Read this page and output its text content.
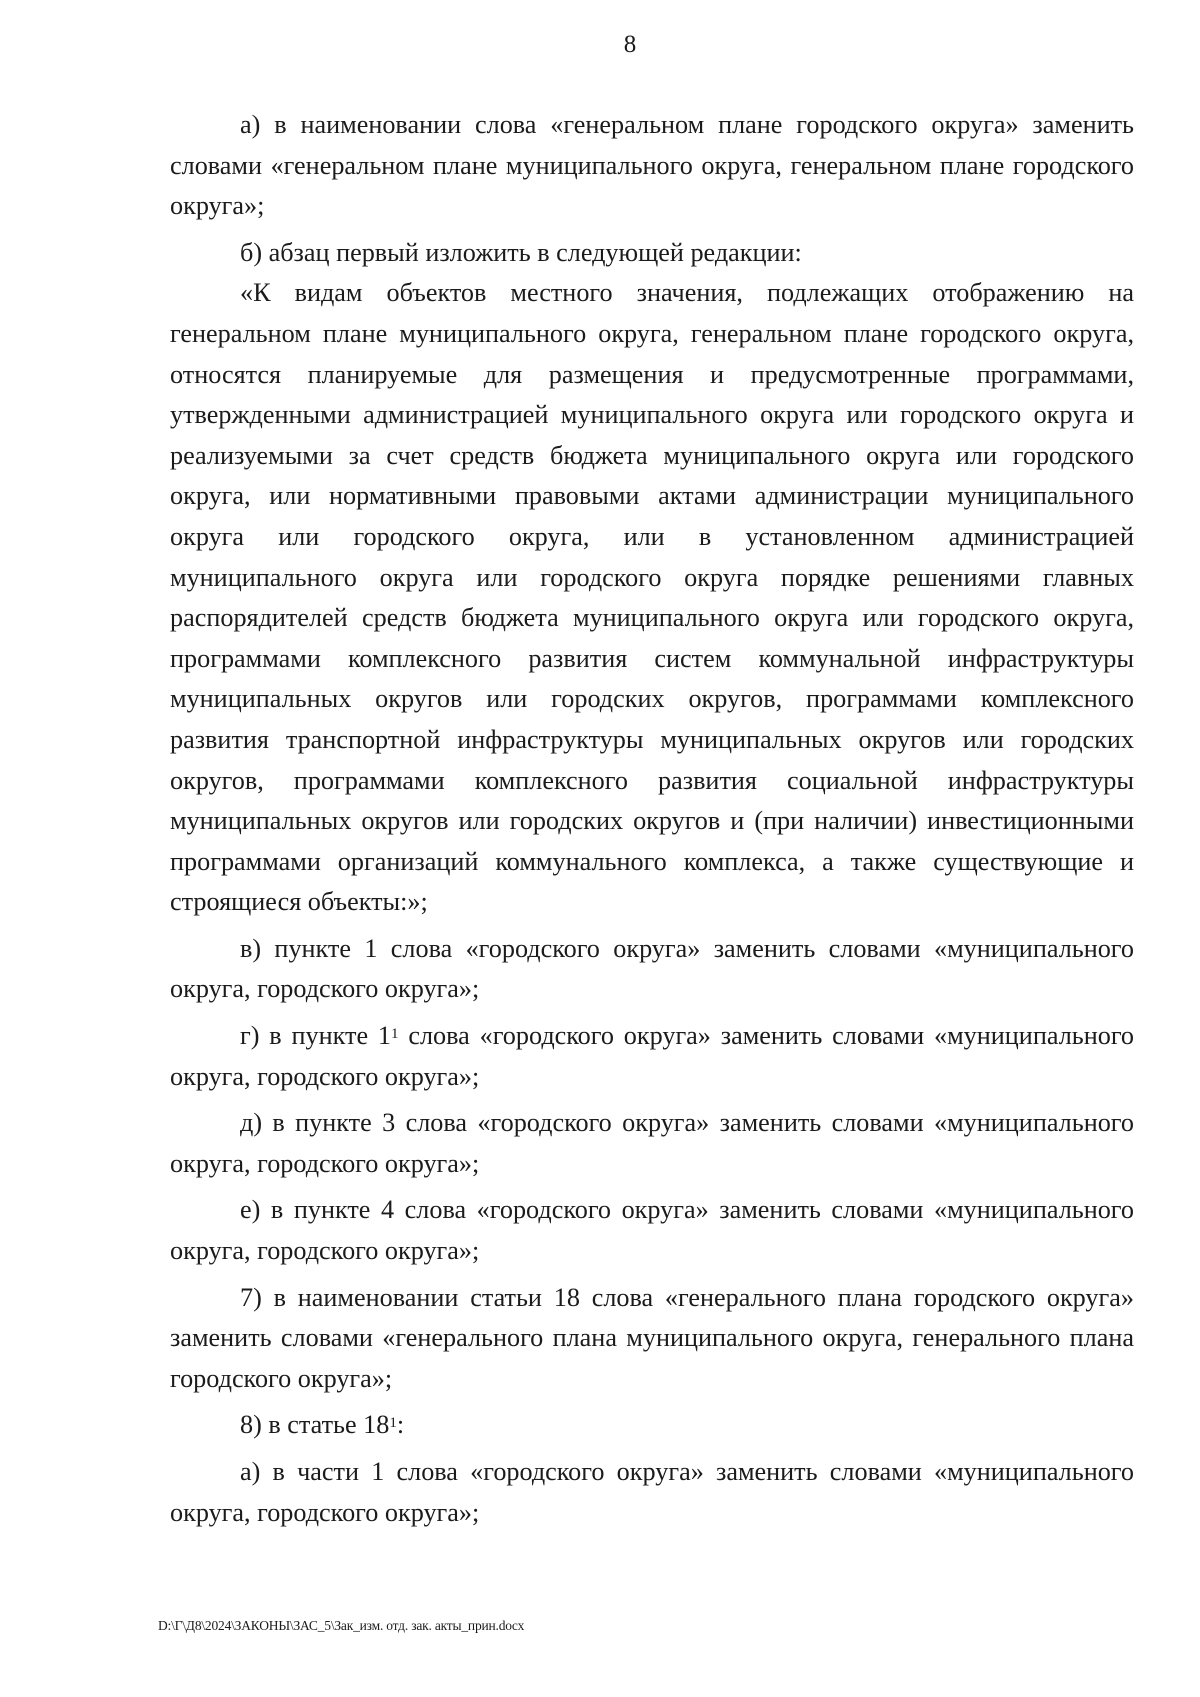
8

а) в наименовании слова «генеральном плане городского округа» заменить словами «генеральном плане муниципального округа, генеральном плане городского округа»;

б) абзац первый изложить в следующей редакции:

«К видам объектов местного значения, подлежащих отображению на генеральном плане муниципального округа, генеральном плане городского округа, относятся планируемые для размещения и предусмотренные программами, утвержденными администрацией муниципального округа или городского округа и реализуемыми за счет средств бюджета муниципального округа или городского округа, или нормативными правовыми актами администрации муниципального округа или городского округа, или в установленном администрацией муниципального округа или городского округа порядке решениями главных распорядителей средств бюджета муниципального округа или городского округа, программами комплексного развития систем коммунальной инфраструктуры муниципальных округов или городских округов, программами комплексного развития транспортной инфраструктуры муниципальных округов или городских округов, программами комплексного развития социальной инфраструктуры муниципальных округов или городских округов и (при наличии) инвестиционными программами организаций коммунального комплекса, а также существующие и строящиеся объекты:»;

в) пункте 1 слова «городского округа» заменить словами «муниципального округа, городского округа»;

г) в пункте $1^1$ слова «городского округа» заменить словами «муниципального округа, городского округа»;

д) в пункте 3 слова «городского округа» заменить словами «муниципального округа, городского округа»;

е) в пункте 4 слова «городского округа» заменить словами «муниципального округа, городского округа»;

7) в наименовании статьи 18 слова «генерального плана городского округа» заменить словами «генерального плана муниципального округа, генерального плана городского округа»;

8) в статье $18^1$:

а) в части 1 слова «городского округа» заменить словами «муниципального округа, городского округа»;

D:\Г\Д8\2024\ЗАКОНЫ\ЗАС_5\Зак_изм. отд. зак. акты_прин.docx
